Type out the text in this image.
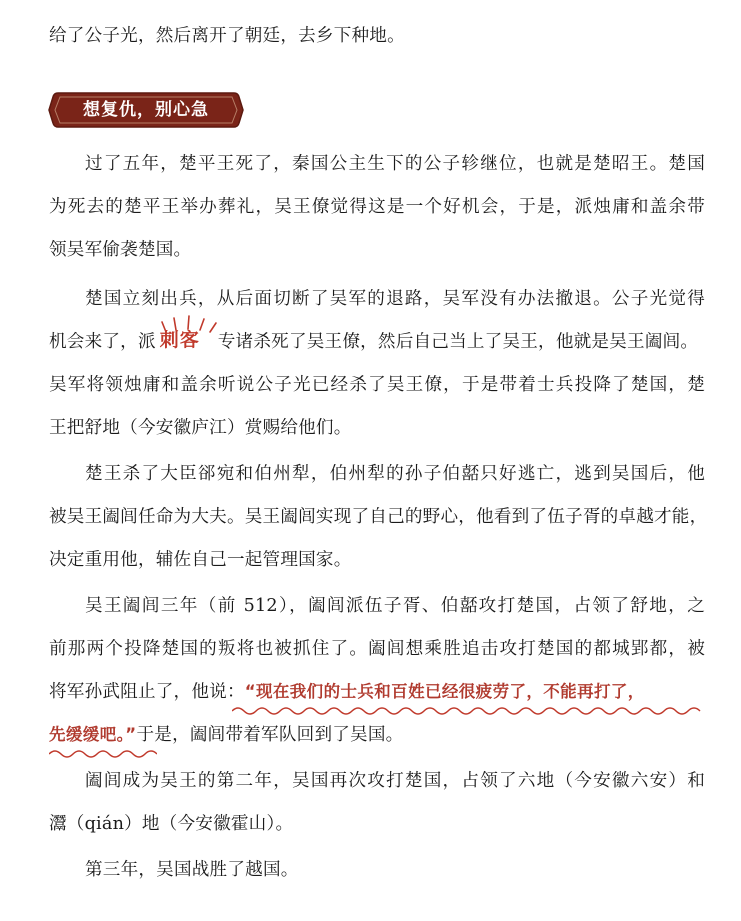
给了公子光，然后离开了朝廷，去乡下种地。
想复仇，别心急
过了五年，楚平王死了，秦国公主生下的公子轸继位，也就是楚昭王。楚国
为死去的楚平王举办葬礼，吴王僚觉得这是一个好机会，于是，派烛庸和盖余带
领吴军偷袭楚国。
楚国立刻出兵，从后面切断了吴军的退路，吴军没有办法撤退。公子光觉得
机会来了，派 刺客 专诸杀死了吴王僚，然后自己当上了吴王，他就是吴王阖闾。
吴军将领烛庸和盖余听说公子光已经杀了吴王僚，于是带着士兵投降了楚国，楚
王把舒地（今安徽庐江）赏赐给他们。
楚王杀了大臣郤宛和伯州犁，伯州犁的孙子伯嚭只好逃亡，逃到吴国后，他
被吴王阖闾任命为大夫。吴王阖闾实现了自己的野心，他看到了伍子胥的卓越才能，
决定重用他，辅佐自己一起管理国家。
吴王阖闾三年（前 512），阖闾派伍子胥、伯嚭攻打楚国，占领了舒地，之
前那两个投降楚国的叛将也被抓住了。阖闾想乘胜追击攻打楚国的都城郢都，被
将军孙武阻止了，他说：“现在我们的士兵和百姓已经很疲劳了，不能再打了，
先缓缓吧。”于是，阖闾带着军队回到了吴国。
阖闾成为吴王的第二年，吴国再次攻打楚国，占领了六地（今安徽六安）和
灊（qián）地（今安徽霍山）。
第三年，吴国战胜了越国。
